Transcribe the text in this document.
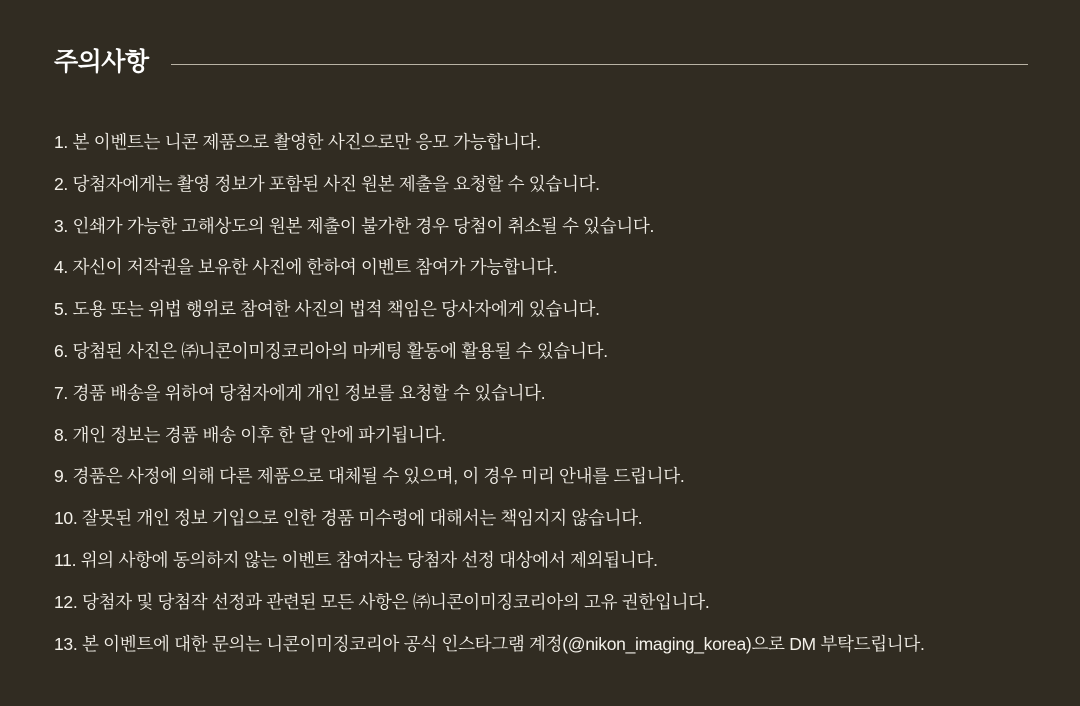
주의사항
1. 본 이벤트는 니콘 제품으로 촬영한 사진으로만 응모 가능합니다.
2. 당첨자에게는 촬영 정보가 포함된 사진 원본 제출을 요청할 수 있습니다.
3. 인쇄가 가능한 고해상도의 원본 제출이 불가한 경우 당첨이 취소될 수 있습니다.
4. 자신이 저작권을 보유한 사진에 한하여 이벤트 참여가 가능합니다.
5. 도용 또는 위법 행위로 참여한 사진의 법적 책임은 당사자에게 있습니다.
6. 당첨된 사진은 ㈜니콘이미징코리아의 마케팅 활동에 활용될 수 있습니다.
7. 경품 배송을 위하여 당첨자에게 개인 정보를 요청할 수 있습니다.
8. 개인 정보는 경품 배송 이후 한 달 안에 파기됩니다.
9. 경품은 사정에 의해 다른 제품으로 대체될 수 있으며, 이 경우 미리 안내를 드립니다.
10. 잘못된 개인 정보 기입으로 인한 경품 미수령에 대해서는 책임지지 않습니다.
11. 위의 사항에 동의하지 않는 이벤트 참여자는 당첨자 선정 대상에서 제외됩니다.
12. 당첨자 및 당첨작 선정과 관련된 모든 사항은 ㈜니콘이미징코리아의 고유 권한입니다.
13. 본 이벤트에 대한 문의는 니콘이미징코리아 공식 인스타그램 계정(@nikon_imaging_korea)으로 DM 부탁드립니다.
